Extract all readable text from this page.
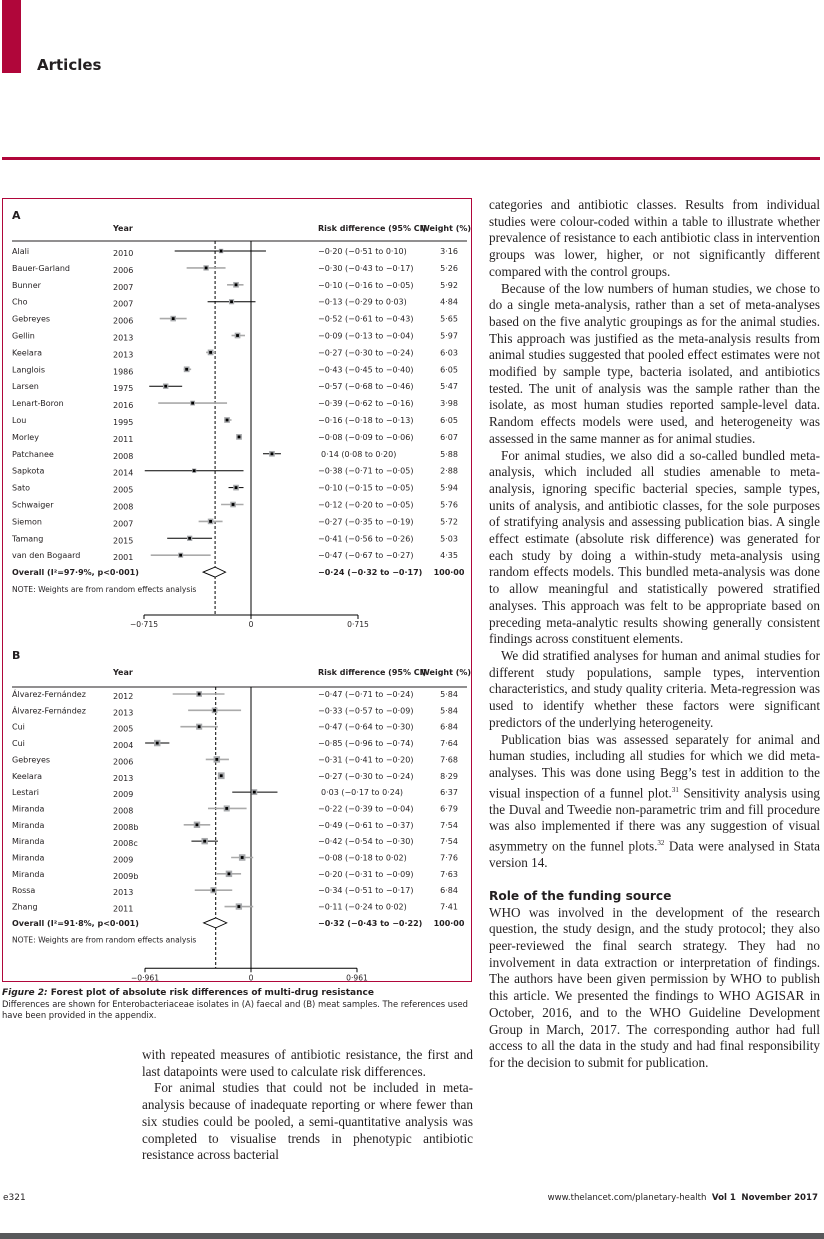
Articles
A
Year	Risk difference (95% CI)
Weight (%)
Alali	2010	−0·20 (−0·51 to 0·10)	3·16
Bauer-Garland	2006	−0·30 (−0·43 to −0·17)	5·26
Bunner	2007	−0·10 (−0·16 to −0·05)	5·92
Cho	2007	−0·13 (−0·29 to 0·03)	4·84
Gebreyes	2006	−0·52 (−0·61 to −0·43)	5·65
Gellin	2013	−0·09 (−0·13 to −0·04)	5·97
Keelara	2013	−0·27 (−0·30 to −0·24)	6·03
Langlois	1986	−0·43 (−0·45 to −0·40)	6·05
Larsen	1975	−0·57 (−0·68 to −0·46)	5·47
Lenart-Boron	2016	−0·39 (−0·62 to −0·16)	3·98
Lou	1995	−0·16 (−0·18 to −0·13)	6·05
Morley	2011	−0·08 (−0·09 to −0·06)	6·07
Patchanee	2008	0·14 (0·08 to 0·20)	5·88
Sapkota	2014	−0·38 (−0·71 to −0·05)	2·88
Sato	2005	−0·10 (−0·15 to −0·05)	5·94
Schwaiger	2008	−0·12 (−0·20 to −0·05)	5·76
Siemon	2007	−0·27 (−0·35 to −0·19)	5·72
Tamang	2015	−0·41 (−0·56 to −0·26)	5·03
van den Bogaard	2001	−0·47 (−0·67 to −0·27)	4·35
Overall (I²=97·9%, p<0·001)	−0·24 (−0·32 to −0·17) 100·00
NOTE: Weights are from random effects analysis
−0·715	0	0·715
B
Year	Risk difference (95% CI)
Weight (%)
Álvarez-Fernández	2012	−0·47 (−0·71 to −0·24)	5·84
Álvarez-Fernández	2013	−0·33 (−0·57 to −0·09)	5·84
Cui	2005	−0·47 (−0·64 to −0·30)	6·84
Cui	2004	−0·85 (−0·96 to −0·74)	7·64
Gebreyes	2006	−0·31 (−0·41 to −0·20)	7·68
Keelara	2013	−0·27 (−0·30 to −0·24)	8·29
Lestari	2009	0·03 (−0·17 to 0·24)	6·37
Miranda	2008	−0·22 (−0·39 to −0·04)	6·79
Miranda	2008b	−0·49 (−0·61 to −0·37)	7·54
Miranda	2008c	−0·42 (−0·54 to −0·30)	7·54
Miranda	2009	−0·08 (−0·18 to 0·02)	7·76
Miranda	2009b	−0·20 (−0·31 to −0·09)	7·63
Rossa	2013	−0·34 (−0·51 to −0·17)	6·84
Zhang	2011	−0·11 (−0·24 to 0·02)	7·41
Overall (I²=91·8%, p<0·001)	−0·32 (−0·43 to −0·22) 100·00
NOTE: Weights are from random effects analysis
−0·961	0	0·961
Figure 2: Forest plot of absolute risk differences of multi-drug resistance
Differences are shown for Enterobacteriaceae isolates in (A) faecal and (B) meat samples. The references used have been provided in the appendix.

with repeated measures of antibiotic resistance, the first and last datapoints were used to calculate risk differences.

For animal studies that could not be included in meta-analysis because of inadequate reporting or where fewer than six studies could be pooled, a semi-quantitative analysis was completed to visualise trends in phenotypic antibiotic resistance across bacterial

categories and antibiotic classes. Results from individual studies were colour-coded within a table to illustrate whether prevalence of resistance to each antibiotic class in intervention groups was lower, higher, or not significantly different compared with the control groups.

Because of the low numbers of human studies, we chose to do a single meta-analysis, rather than a set of meta-analyses based on the five analytic groupings as for the animal studies. This approach was justified as the meta-analysis results from animal studies suggested that pooled effect estimates were not modified by sample type, bacteria isolated, and antibiotics tested. The unit of analysis was the sample rather than the isolate, as most human studies reported sample-level data. Random effects models were used, and heterogeneity was assessed in the same manner as for animal studies.

For animal studies, we also did a so-called bundled meta-analysis, which included all studies amenable to meta-analysis, ignoring specific bacterial species, sample types, units of analysis, and antibiotic classes, for the sole purposes of stratifying analysis and assessing publication bias. A single effect estimate (absolute risk difference) was generated for each study by doing a within-study meta-analysis using random effects models. This bundled meta-analysis was done to allow meaningful and statistically powered stratified analyses. This approach was felt to be appropriate based on preceding meta-analytic results showing generally consistent findings across constituent elements.

We did stratified analyses for human and animal studies for different study populations, sample types, intervention characteristics, and study quality criteria. Meta-regression was used to identify whether these factors were significant predictors of the underlying heterogeneity.

Publication bias was assessed separately for animal and human studies, including all studies for which we did meta-analyses. This was done using Begg’s test in addition to the visual inspection of a funnel plot.$^{31}$ Sensitivity analysis using the Duval and Tweedie non-parametric trim and fill procedure was also implemented if there was any suggestion of visual asymmetry on the funnel plots.$^{32}$ Data were analysed in Stata version 14.

Role of the funding source

WHO was involved in the development of the research question, the study design, and the study protocol; they also peer-reviewed the final search strategy. They had no involvement in data extraction or interpretation of findings. The authors have been given permission by WHO to publish this article. We presented the findings to WHO AGISAR in October, 2016, and to the WHO Guideline Development Group in March, 2017. The corresponding author had full access to all the data in the study and had final responsibility for the decision to submit for publication.

e321	www.thelancet.com/planetary-health Vol 1 November 2017
